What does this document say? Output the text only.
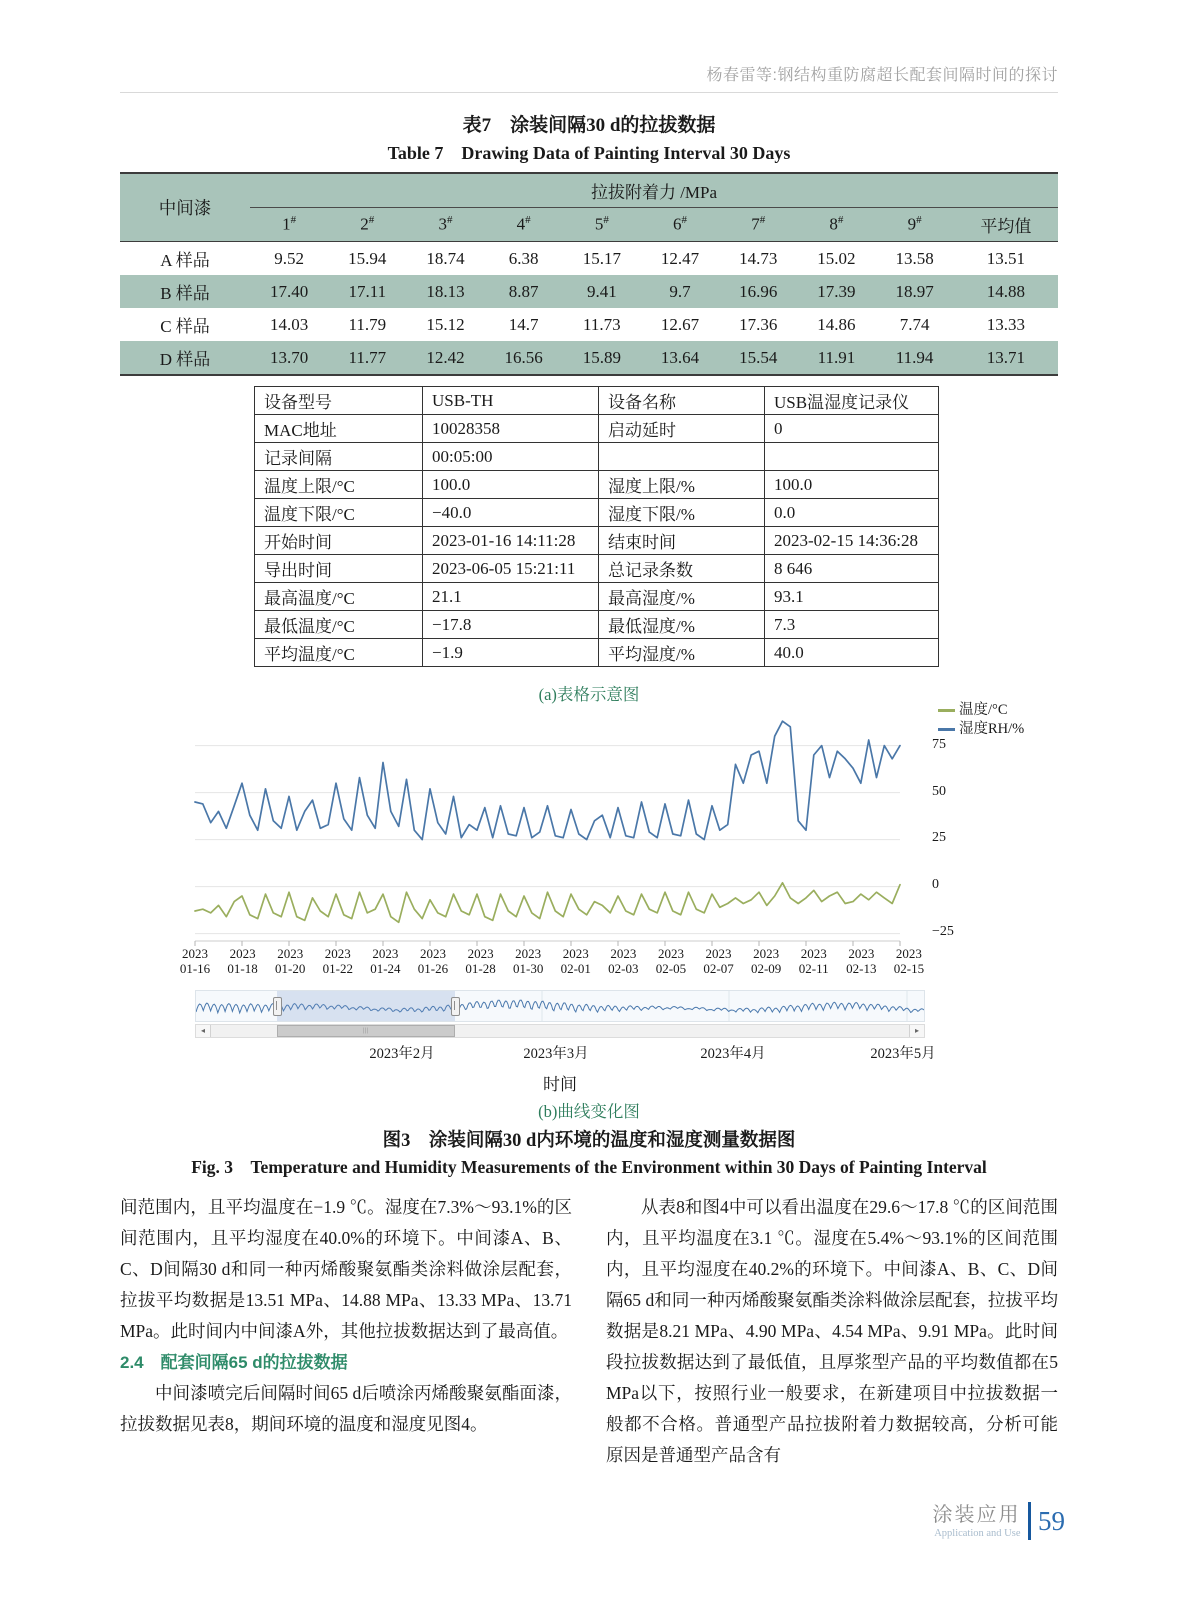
杨春雷等:钢结构重防腐超长配套间隔时间的探讨
表7　涂装间隔30 d的拉拔数据
Table 7　Drawing Data of Painting Interval 30 Days
中间漆	拉拔附着力 /MPa									
	1#	2#	3#	4#	5#	6#	7#	8#	9#	平均值
A 样品	9.52	15.94	18.74	6.38	15.17	12.47	14.73	15.02	13.58	13.51
B 样品	17.40	17.11	18.13	8.87	9.41	9.7	16.96	17.39	18.97	14.88
C 样品	14.03	11.79	15.12	14.7	11.73	12.67	17.36	14.86	7.74	13.33
D 样品	13.70	11.77	12.42	16.56	15.89	13.64	15.54	11.91	11.94	13.71
设备型号	USB-TH	设备名称	USB温湿度记录仪
MAC地址	10028358	启动延时	0
记录间隔	00:05:00		
温度上限/°C	100.0	湿度上限/%	100.0
温度下限/°C	−40.0	湿度下限/%	0.0
开始时间	2023-01-16 14:11:28	结束时间	2023-02-15 14:36:28
导出时间	2023-06-05 15:21:11	总记录条数	8 646
最高温度/°C	21.1	最高湿度/%	93.1
最低温度/°C	−17.8	最低湿度/%	7.3
平均温度/°C	−1.9	平均湿度/%	40.0
(a)表格示意图
温度/°C
湿度RH/%
75
50
25
0
−25
2023
01-16
2023
01-18
2023
01-20
2023
01-22
2023
01-24
2023
01-26
2023
01-28
2023
01-30
2023
02-01
2023
02-03
2023
02-05
2023
02-07
2023
02-09
2023
02-11
2023
02-13
2023
02-15
◂	|||	▸
2023年2月	2023年3月	2023年4月	2023年5月
时间
(b)曲线变化图
图3　涂装间隔30 d内环境的温度和湿度测量数据图
Fig. 3　Temperature and Humidity Measurements of the Environment within 30 Days of Painting Interval

间范围内，且平均温度在−1.9 ℃。湿度在7.3%～93.1%的区间范围内，且平均湿度在40.0%的环境下。中间漆A、B、C、D间隔30 d和同一种丙烯酸聚氨酯类涂料做涂层配套，拉拔平均数据是13.51 MPa、14.88 MPa、13.33 MPa、13.71 MPa。此时间内中间漆A外，其他拉拔数据达到了最高值。

2.4　配套间隔65 d的拉拔数据

中间漆喷完后间隔时间65 d后喷涂丙烯酸聚氨酯面漆，拉拔数据见表8，期间环境的温度和湿度见图4。

从表8和图4中可以看出温度在29.6～17.8 ℃的区间范围内，且平均温度在3.1 ℃。湿度在5.4%～93.1%的区间范围内，且平均湿度在40.2%的环境下。中间漆A、B、C、D间隔65 d和同一种丙烯酸聚氨酯类涂料做涂层配套，拉拔平均数据是8.21 MPa、4.90 MPa、4.54 MPa、9.91 MPa。此时间段拉拔数据达到了最低值，且厚浆型产品的平均数值都在5 MPa以下，按照行业一般要求，在新建项目中拉拔数据一般都不合格。普通型产品拉拔附着力数据较高，分析可能原因是普通型产品含有

涂装应用
Application and Use 59
